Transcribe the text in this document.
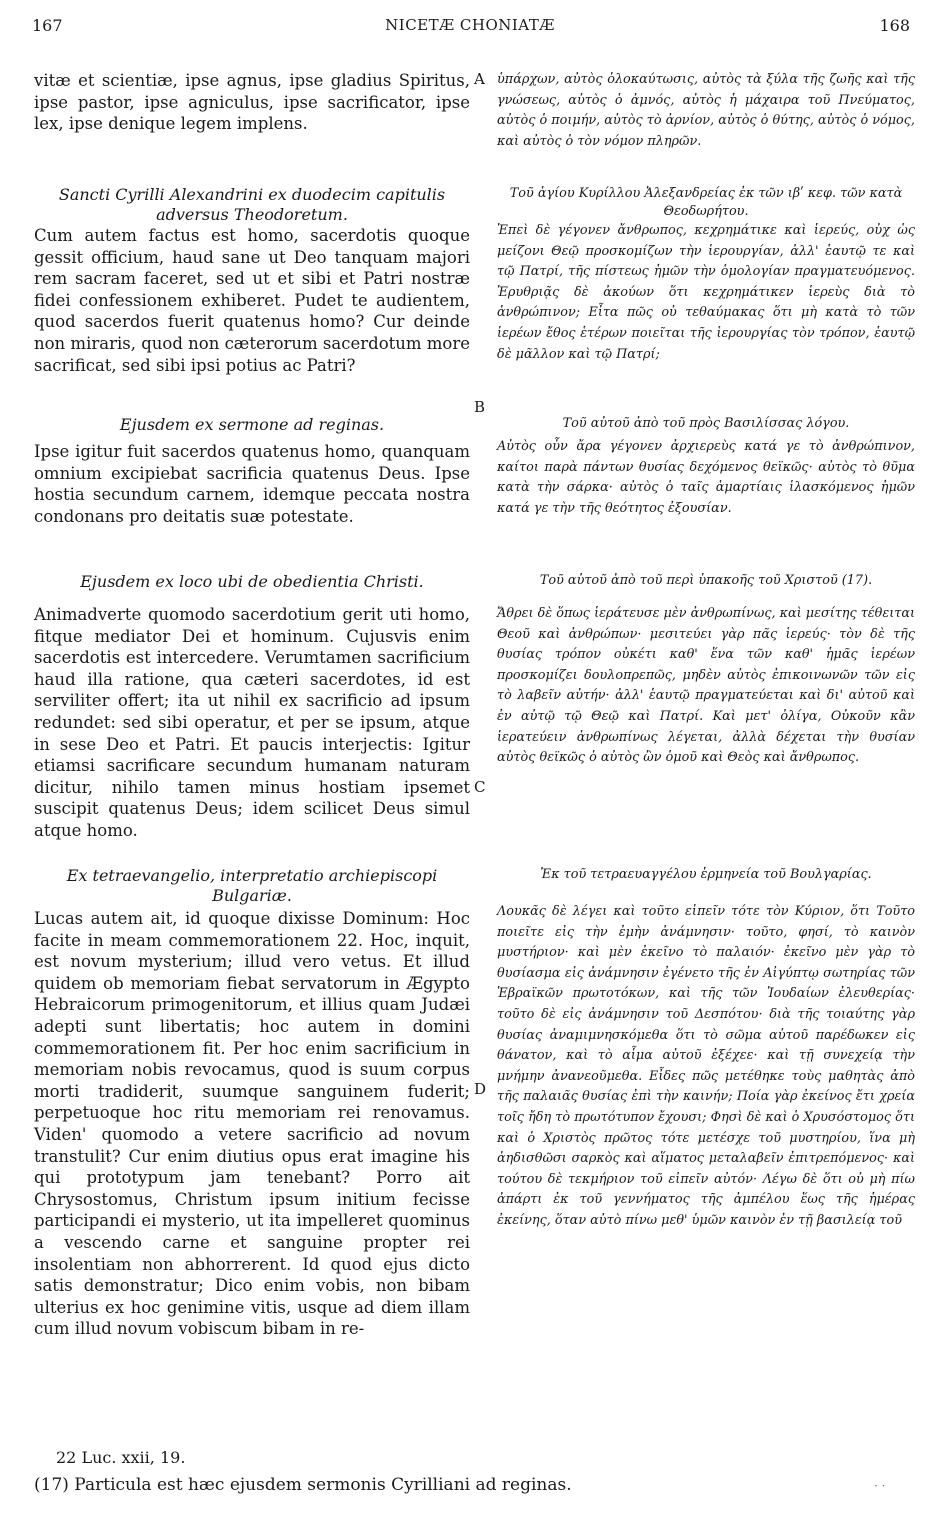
167	NICETÆ CHONIATÆ	168
A
B
C
D

vitæ et scientiæ, ipse agnus, ipse gladius Spiritus, ipse pastor, ipse agniculus, ipse sacrificator, ipse lex, ipse denique legem implens.

Sancti Cyrilli Alexandrini ex duodecim capitulis adversus Theodoretum.

Cum autem factus est homo, sacerdotis quoque gessit officium, haud sane ut Deo tanquam majori rem sacram faceret, sed ut et sibi et Patri nostræ fidei confessionem exhiberet. Pudet te audientem, quod sacerdos fuerit quatenus homo? Cur deinde non miraris, quod non cæterorum sacerdotum more sacrificat, sed sibi ipsi potius ac Patri?

Ejusdem ex sermone ad reginas.

Ipse igitur fuit sacerdos quatenus homo, quanquam omnium excipiebat sacrificia quatenus Deus. Ipse hostia secundum carnem, idemque peccata nostra condonans pro deitatis suæ potestate.

Ejusdem ex loco ubi de obedientia Christi.

Animadverte quomodo sacerdotium gerit uti homo, fitque mediator Dei et hominum. Cujusvis enim sacerdotis est intercedere. Verumtamen sacrificium haud illa ratione, qua cæteri sacerdotes, id est serviliter offert; ita ut nihil ex sacrificio ad ipsum redundet: sed sibi operatur, et per se ipsum, atque in sese Deo et Patri. Et paucis interjectis: Igitur etiamsi sacrificare secundum humanam naturam dicitur, nihilo tamen minus hostiam ipsemet suscipit quatenus Deus; idem scilicet Deus simul atque homo.

Ex tetraevangelio, interpretatio archiepiscopi Bulgariæ.

Lucas autem ait, id quoque dixisse Dominum: Hoc facite in meam commemorationem 22. Hoc, inquit, est novum mysterium; illud vero vetus. Et illud quidem ob memoriam fiebat servatorum in Ægypto Hebraicorum primogenitorum, et illius quam Judæi adepti sunt libertatis; hoc autem in domini commemorationem fit. Per hoc enim sacrificium in memoriam nobis revocamus, quod is suum corpus morti tradiderit, suumque sanguinem fuderit; perpetuoque hoc ritu memoriam rei renovamus. Viden' quomodo a vetere sacrificio ad novum transtulit? Cur enim diutius opus erat imagine his qui prototypum jam tenebant? Porro ait Chrysostomus, Christum ipsum initium fecisse participandi ei mysterio, ut ita impelleret quominus a vescendo carne et sanguine propter rei insolentiam non abhorrerent. Id quod ejus dicto satis demonstratur; Dico enim vobis, non bibam ulterius ex hoc genimine vitis, usque ad diem illam cum illud novum vobiscum bibam in re-

ὑπάρχων, αὐτὸς ὁλοκαύτωσις, αὐτὸς τὰ ξύλα τῆς ζωῆς καὶ τῆς γνώσεως, αὐτὸς ὁ ἀμνός, αὐτὸς ἡ μάχαιρα τοῦ Πνεύματος, αὐτὸς ὁ ποιμήν, αὐτὸς τὸ ἀρνίον, αὐτὸς ὁ θύτης, αὐτὸς ὁ νόμος, καὶ αὐτὸς ὁ τὸν νόμον πληρῶν.

Τοῦ ἁγίου Κυρίλλου Ἀλεξανδρείας ἐκ τῶν ιβʹ κεφ. τῶν κατὰ Θεοδωρήτου.

Ἐπεὶ δὲ γέγονεν ἄνθρωπος, κεχρημάτικε καὶ ἱερεύς, οὐχ ὡς μείζονι Θεῷ προσκομίζων τὴν ἱερουργίαν, ἀλλ' ἑαυτῷ τε καὶ τῷ Πατρί, τῆς πίστεως ἡμῶν τὴν ὁμολογίαν πραγματευόμενος. Ἐρυθριᾷς δὲ ἀκούων ὅτι κεχρημάτικεν ἱερεὺς διὰ τὸ ἀνθρώπινον; Εἶτα πῶς οὐ τεθαύμακας ὅτι μὴ κατὰ τὸ τῶν ἱερέων ἔθος ἑτέρων ποιεῖται τῆς ἱερουργίας τὸν τρόπον, ἑαυτῷ δὲ μᾶλλον καὶ τῷ Πατρί;

Τοῦ αὐτοῦ ἀπὸ τοῦ πρὸς Βασιλίσσας λόγου.

Αὐτὸς οὖν ἄρα γέγονεν ἀρχιερεὺς κατά γε τὸ ἀνθρώπινον, καίτοι παρὰ πάντων θυσίας δεχόμενος θεϊκῶς· αὐτὸς τὸ θῦμα κατὰ τὴν σάρκα· αὐτὸς ὁ ταῖς ἁμαρτίαις ἱλασκόμενος ἡμῶν κατά γε τὴν τῆς θεότητος ἐξουσίαν.

Τοῦ αὐτοῦ ἀπὸ τοῦ περὶ ὑπακοῆς τοῦ Χριστοῦ (17).

Ἄθρει δὲ ὅπως ἱεράτευσε μὲν ἀνθρωπίνως, καὶ μεσίτης τέθειται Θεοῦ καὶ ἀνθρώπων· μεσιτεύει γὰρ πᾶς ἱερεύς· τὸν δὲ τῆς θυσίας τρόπον οὐκέτι καθ' ἕνα τῶν καθ' ἡμᾶς ἱερέων προσκομίζει δουλοπρεπῶς, μηδὲν αὐτὸς ἐπικοινωνῶν τῶν εἰς τὸ λαβεῖν αὐτήν· ἀλλ' ἑαυτῷ πραγματεύεται καὶ δι' αὐτοῦ καὶ ἐν αὐτῷ τῷ Θεῷ καὶ Πατρί. Καὶ μετ' ὀλίγα, Οὐκοῦν κἂν ἱερατεύειν ἀνθρωπίνως λέγεται, ἀλλὰ δέχεται τὴν θυσίαν αὐτὸς θεϊκῶς ὁ αὐτὸς ὢν ὁμοῦ καὶ Θεὸς καὶ ἄνθρωπος.

Ἐκ τοῦ τετραευαγγέλου ἑρμηνεία τοῦ Βουλγαρίας.

Λουκᾶς δὲ λέγει καὶ τοῦτο εἰπεῖν τότε τὸν Κύριον, ὅτι Τοῦτο ποιεῖτε εἰς τὴν ἐμὴν ἀνάμνησιν· τοῦτο, φησί, τὸ καινὸν μυστήριον· καὶ μὲν ἐκεῖνο τὸ παλαιόν· ἐκεῖνο μὲν γὰρ τὸ θυσίασμα εἰς ἀνάμνησιν ἐγένετο τῆς ἐν Αἰγύπτῳ σωτηρίας τῶν Ἑβραϊκῶν πρωτοτόκων, καὶ τῆς τῶν Ἰουδαίων ἐλευθερίας· τοῦτο δὲ εἰς ἀνάμνησιν τοῦ Δεσπότου· διὰ τῆς τοιαύτης γὰρ θυσίας ἀναμιμνησκόμεθα ὅτι τὸ σῶμα αὐτοῦ παρέδωκεν εἰς θάνατον, καὶ τὸ αἷμα αὐτοῦ ἐξέχεε· καὶ τῇ συνεχείᾳ τὴν μνήμην ἀνανεοῦμεθα. Εἶδες πῶς μετέθηκε τοὺς μαθητὰς ἀπὸ τῆς παλαιᾶς θυσίας ἐπὶ τὴν καινήν; Ποία γὰρ ἐκείνος ἔτι χρεία τοῖς ἤδη τὸ πρωτότυπον ἔχουσι; Φησὶ δὲ καὶ ὁ Χρυσόστομος ὅτι καὶ ὁ Χριστὸς πρῶτος τότε μετέσχε τοῦ μυστηρίου, ἵνα μὴ ἀηδισθῶσι σαρκὸς καὶ αἵματος μεταλαβεῖν ἐπιτρεπόμενος· καὶ τούτου δὲ τεκμήριον τοῦ εἰπεῖν αὐτόν· Λέγω δὲ ὅτι οὐ μὴ πίω ἀπάρτι ἐκ τοῦ γεννήματος τῆς ἀμπέλου ἕως τῆς ἡμέρας ἐκείνης, ὅταν αὐτὸ πίνω μεθ' ὑμῶν καινὸν ἐν τῇ βασιλείᾳ τοῦ

22 Luc. xxii, 19.
(17) Particula est hæc ejusdem sermonis Cyrilliani ad reginas.	· ·
